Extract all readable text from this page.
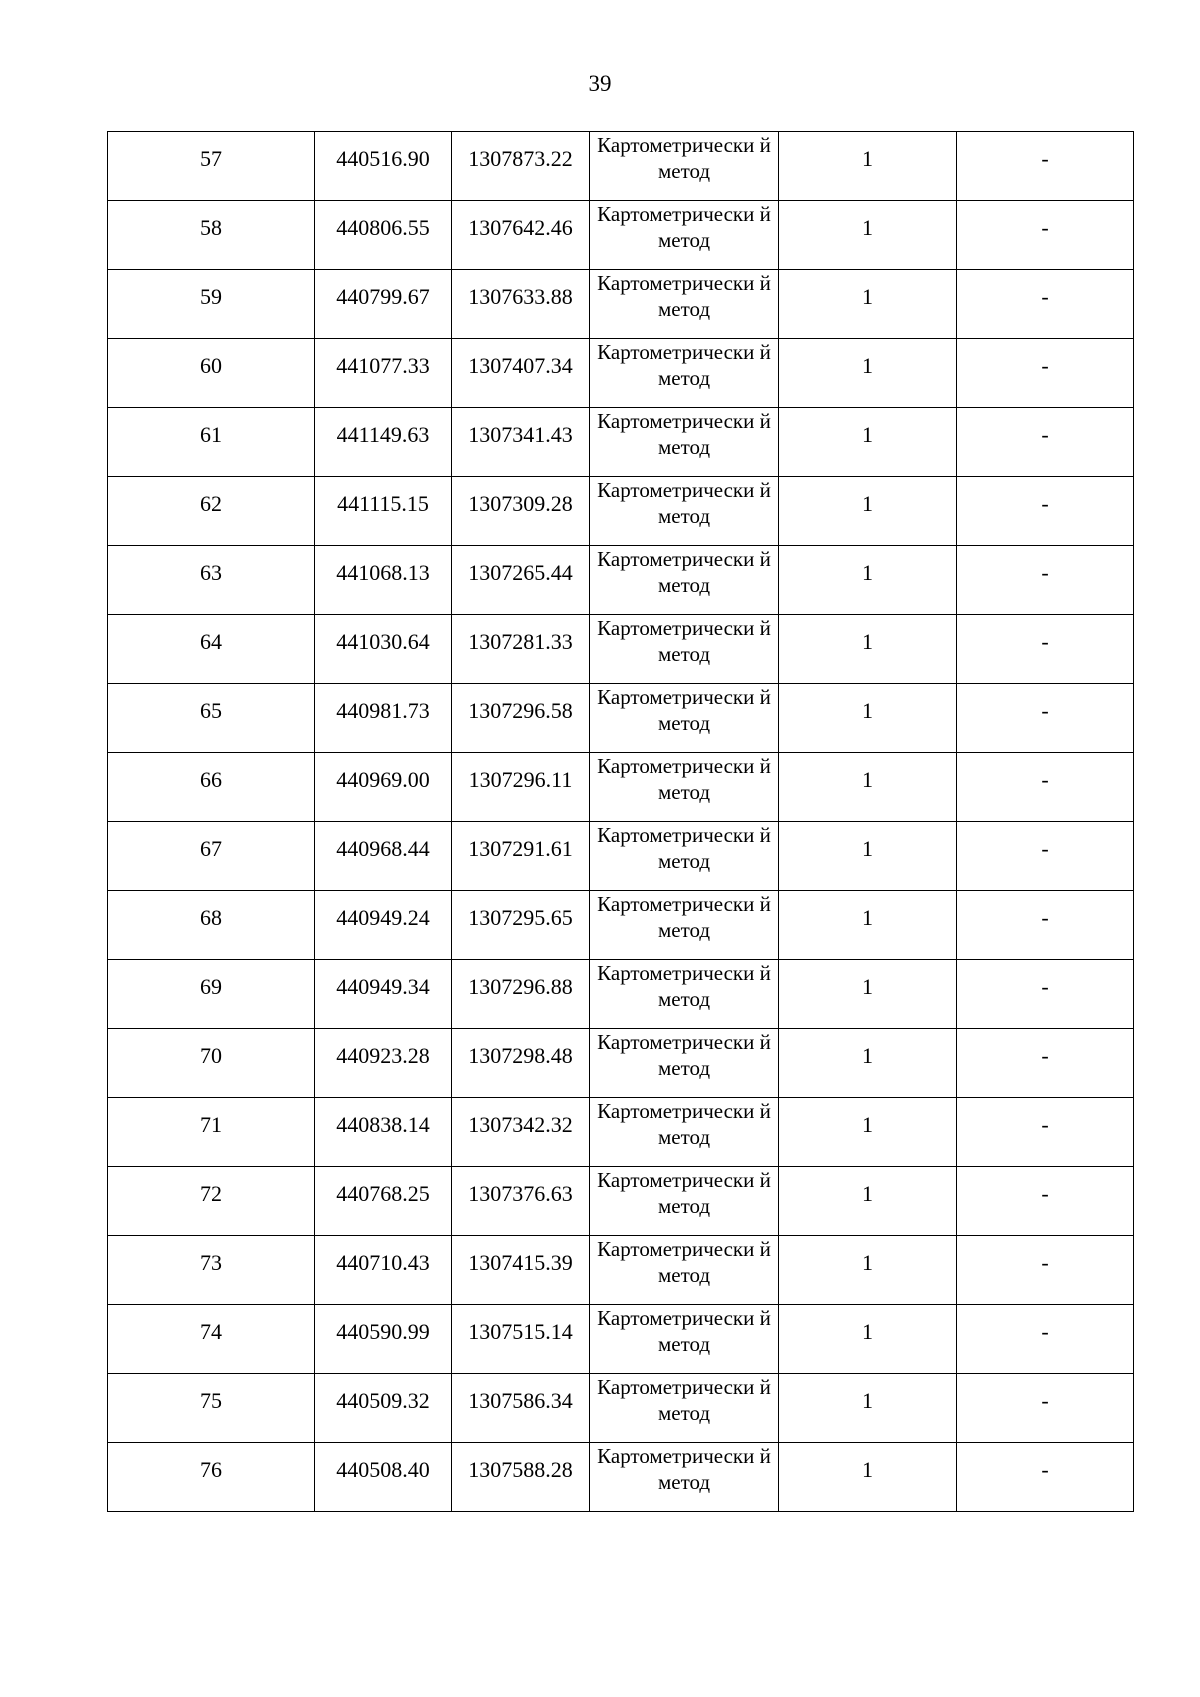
39
57	440516.90	1307873.22	Картометрически й метод	1	-

58	440806.55	1307642.46	Картометрически й метод	1	-

59	440799.67	1307633.88	Картометрически й метод	1	-

60	441077.33	1307407.34	Картометрически й метод	1	-

61	441149.63	1307341.43	Картометрически й метод	1	-

62	441115.15	1307309.28	Картометрически й метод	1	-

63	441068.13	1307265.44	Картометрически й метод	1	-

64	441030.64	1307281.33	Картометрически й метод	1	-

65	440981.73	1307296.58	Картометрически й метод	1	-

66	440969.00	1307296.11	Картометрически й метод	1	-

67	440968.44	1307291.61	Картометрически й метод	1	-

68	440949.24	1307295.65	Картометрически й метод	1	-

69	440949.34	1307296.88	Картометрически й метод	1	-

70	440923.28	1307298.48	Картометрически й метод	1	-

71	440838.14	1307342.32	Картометрически й метод	1	-

72	440768.25	1307376.63	Картометрически й метод	1	-

73	440710.43	1307415.39	Картометрически й метод	1	-

74	440590.99	1307515.14	Картометрически й метод	1	-

75	440509.32	1307586.34	Картометрически й метод	1	-

76	440508.40	1307588.28	Картометрически й метод	1	-
